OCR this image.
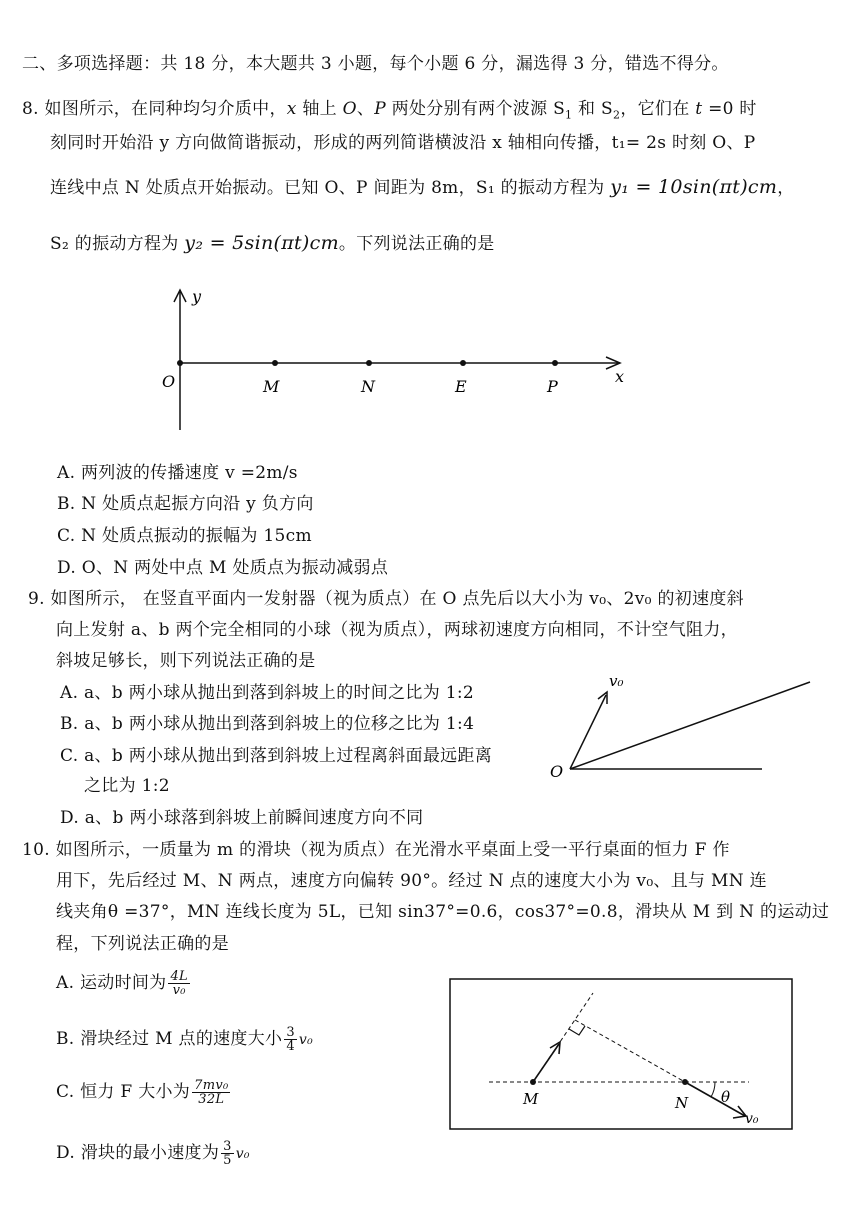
二、多项选择题：共 18 分，本大题共 3 小题，每个小题 6 分，漏选得 3 分，错选不得分。
8. 如图所示，在同种均匀介质中，x 轴上 O、P 两处分别有两个波源 $S_1$ 和 $S_2$，它们在 t =0 时
刻同时开始沿 y 方向做简谐振动，形成的两列简谐横波沿 x 轴相向传播，t₁= 2s 时刻 O、P
连线中点 N 处质点开始振动。已知 O、P 间距为 8m，S₁ 的振动方程为 y₁ = 10sin(πt)cm，
S₂ 的振动方程为 y₂ = 5sin(πt)cm。下列说法正确的是
y
x
O	M	N	E	P
A. 两列波的传播速度 v =2m/s
B. N 处质点起振方向沿 y 负方向
C. N 处质点振动的振幅为 15cm
D. O、N 两处中点 M 处质点为振动减弱点
9. 如图所示， 在竖直平面内一发射器（视为质点）在 O 点先后以大小为 v₀、2v₀ 的初速度斜
向上发射 a、b 两个完全相同的小球（视为质点），两球初速度方向相同，不计空气阻力，
斜坡足够长，则下列说法正确的是
A. a、b 两小球从抛出到落到斜坡上的时间之比为 1:2
B. a、b 两小球从抛出到落到斜坡上的位移之比为 1:4
C. a、b 两小球从抛出到落到斜坡上过程离斜面最远距离
之比为 1:2
D. a、b 两小球落到斜坡上前瞬间速度方向不同
v₀
O
10. 如图所示，一质量为 m 的滑块（视为质点）在光滑水平桌面上受一平行桌面的恒力 F 作
用下，先后经过 M、N 两点，速度方向偏转 90°。经过 N 点的速度大小为 v₀、且与 MN 连
线夹角θ =37°，MN 连线长度为 5L，已知 sin37°=0.6，cos37°=0.8，滑块从 M 到 N 的运动过
程，下列说法正确的是
A. 运动时间为 $\frac{4L}{\text{v₀}}$
B. 滑块经过 M 点的速度大小 $\frac{3}{4} v_0$
C. 恒力 F 大小为 $\frac{\text{7mv₀}}{32L}$
D. 滑块的最小速度为 $\frac{3}{5} v_0$
M	N θ
v₀
